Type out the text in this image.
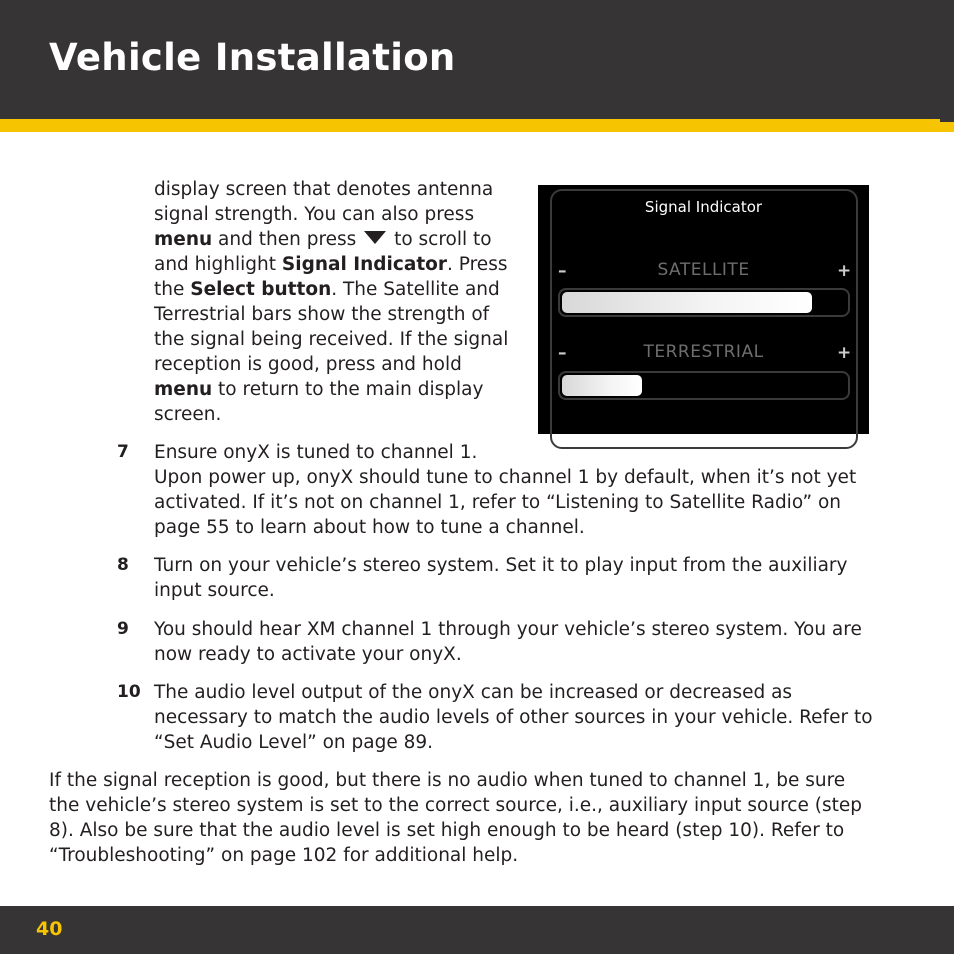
Vehicle Installation

display screen that denotes antenna signal strength. You can also press menu and then press  to scroll to and highlight Signal Indicator. Press the Select button. The Satellite and Terrestrial bars show the strength of the signal being received. If the signal reception is good, press and hold menu to return to the main display screen.

Signal Indicator
–	SATELLITE	+
–	TERRESTRIAL	+
7 Ensure onyX is tuned to channel 1.
Upon power up, onyX should tune to channel 1 by default, when it’s not yet activated. If it’s not on channel 1, refer to “Listening to Satellite Radio” on page 55 to learn about how to tune a channel.
8 Turn on your vehicle’s stereo system. Set it to play input from the auxiliary input source.
9 You should hear XM channel 1 through your vehicle’s stereo system. You are now ready to activate your onyX.
10 The audio level output of the onyX can be increased or decreased as necessary to match the audio levels of other sources in your vehicle. Refer to “Set Audio Level” on page 89.

If the signal reception is good, but there is no audio when tuned to channel 1, be sure the vehicle’s stereo system is set to the correct source, i.e., auxiliary input source (step 8). Also be sure that the audio level is set high enough to be heard (step 10). Refer to “Troubleshooting” on page 102 for additional help.

40
